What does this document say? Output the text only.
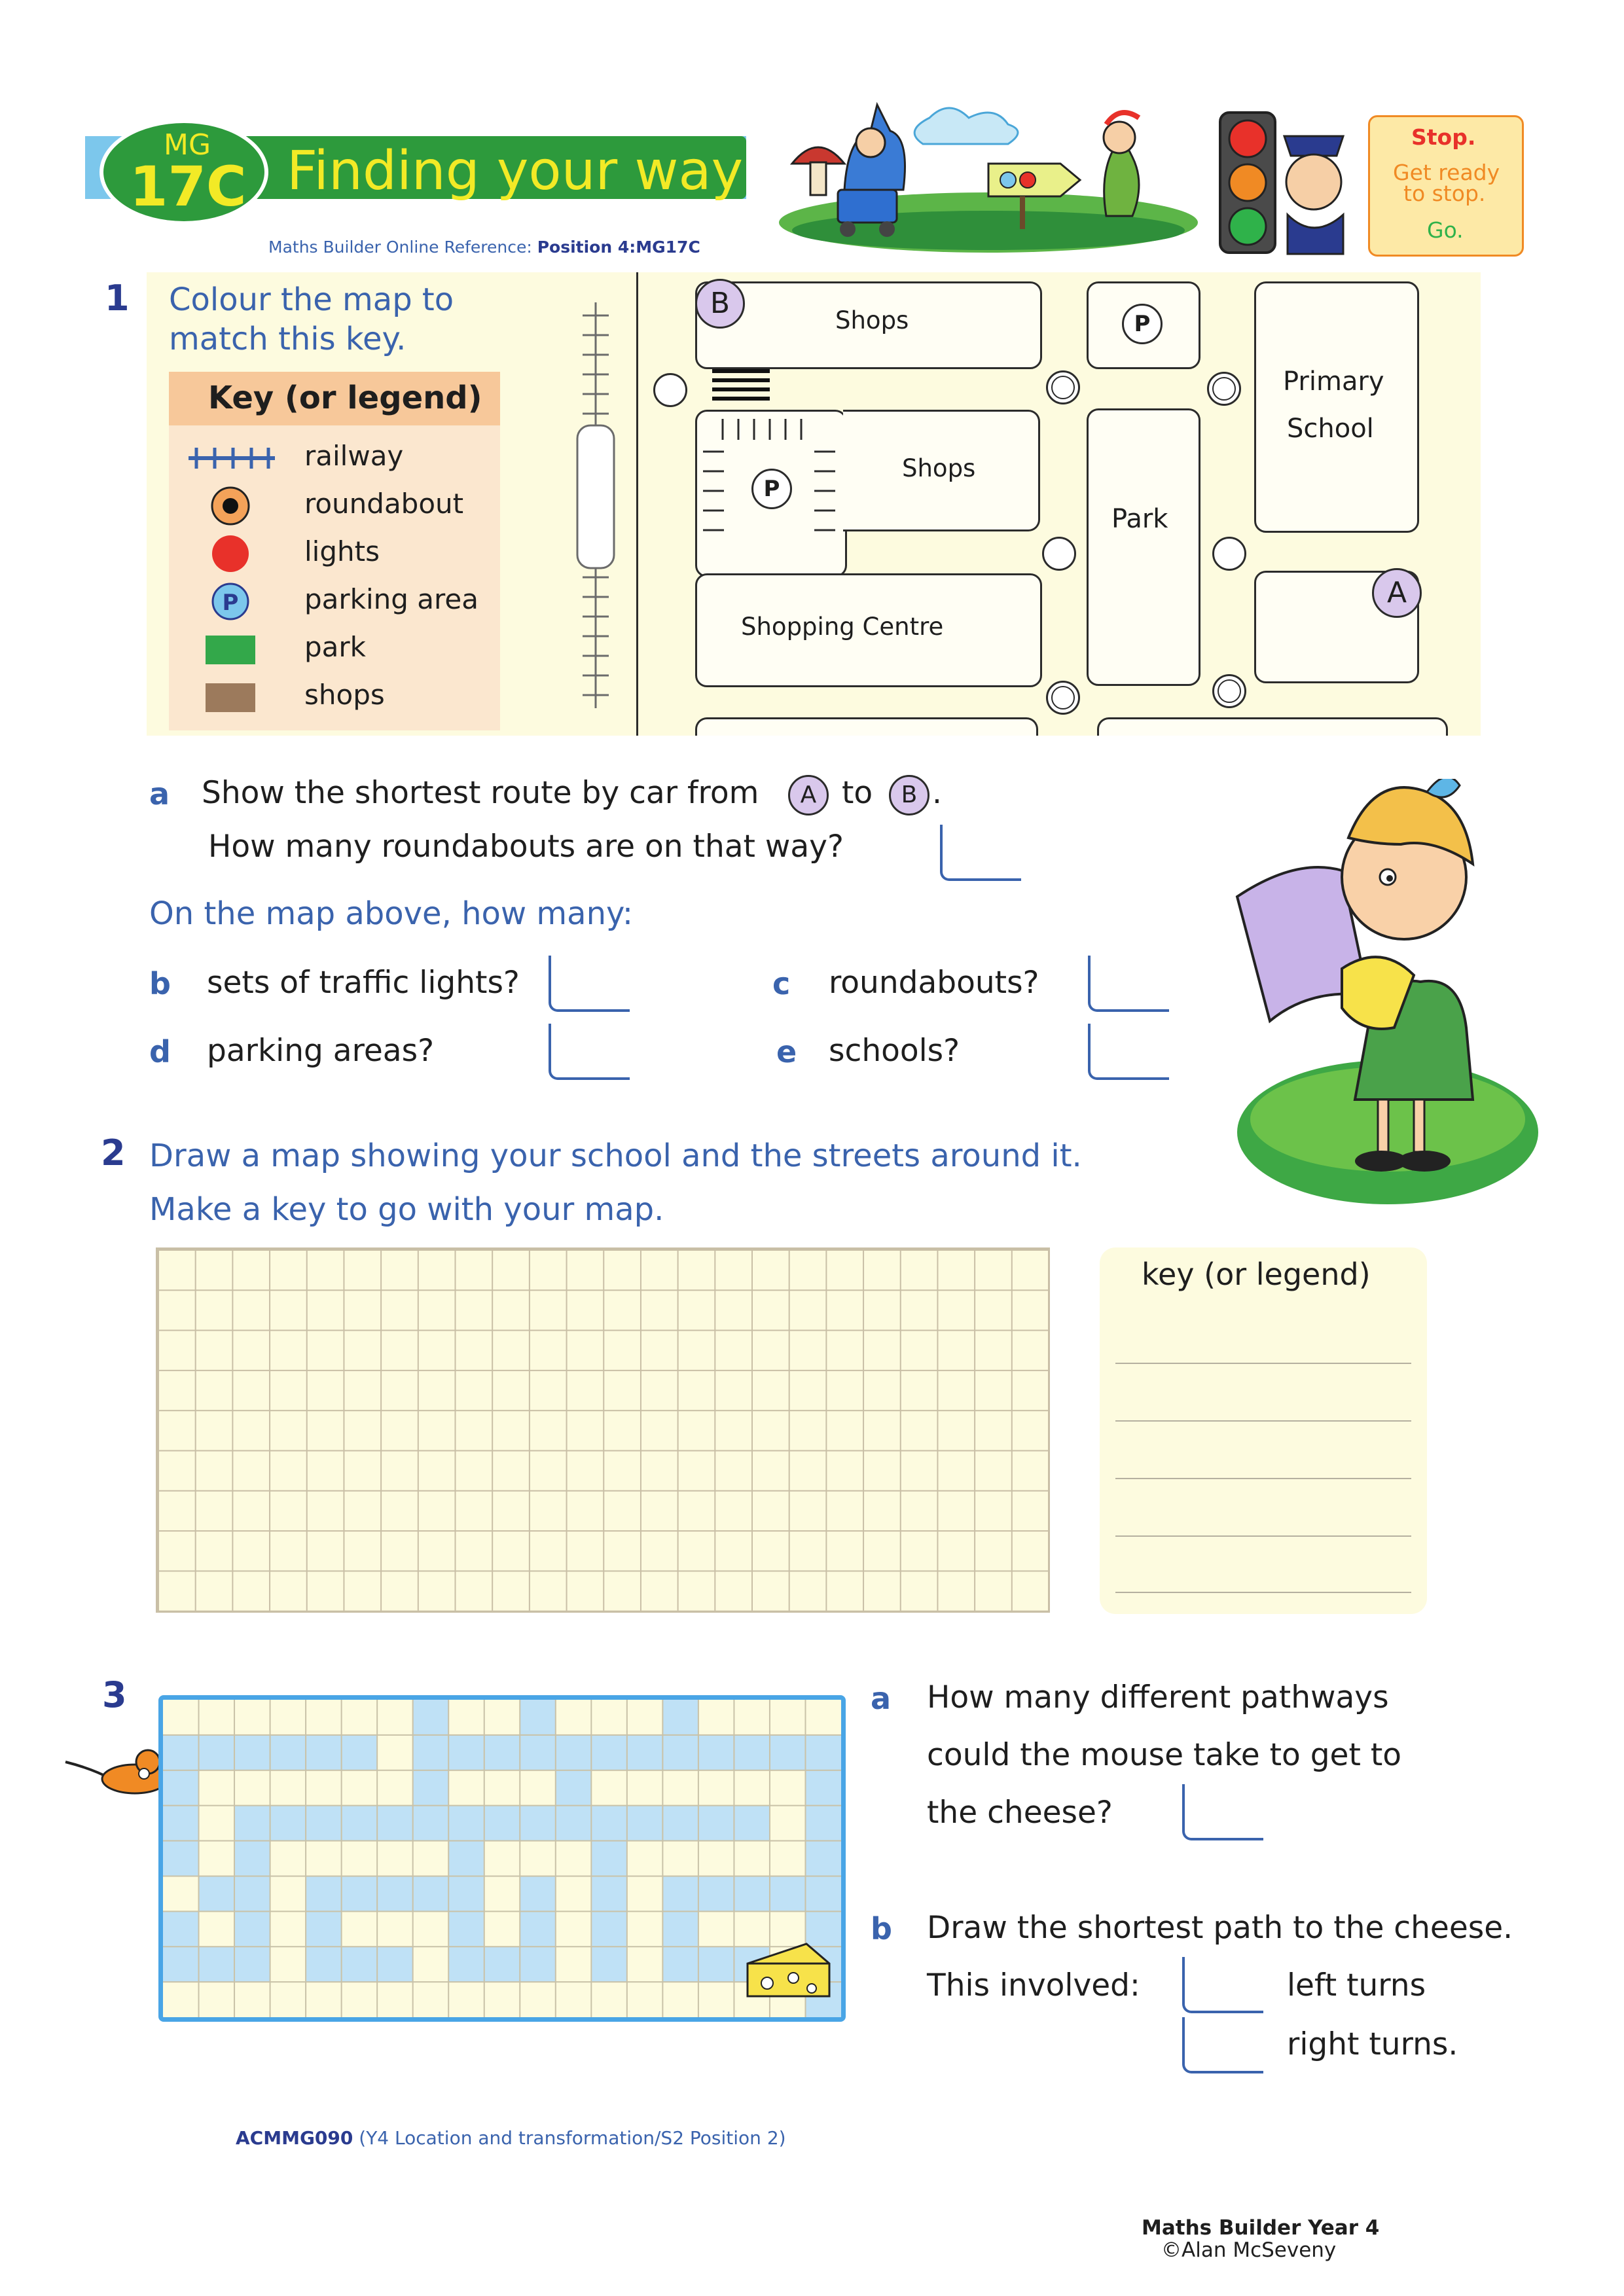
MG
17C Finding your way
Maths Builder Online Reference: Position 4:MG17C
Stop.
Get ready
to stop.
Go.
1 Colour the map to
match this key.
Key (or legend)
P
railway
roundabout
lights
parking area
park
shops
Shops
B
P
Primary
School
P
Shops
Park
Shopping Centre
A
a Show the shortest route by car from	A to	B .
How many roundabouts are on that way?
On the map above, how many:
b sets of traffic lights?	c roundabouts?
d parking areas?	e schools?
2 Draw a map showing your school and the streets around it.
Make a key to go with your map.
key (or legend)
3	a How many different pathways
could the mouse take to get to
the cheese?
b Draw the shortest path to the cheese.
This involved:	left turns
right turns.
ACMMG090 (Y4 Location and transformation/S2 Position 2)
Maths Builder Year 4
©Alan McSeveny
